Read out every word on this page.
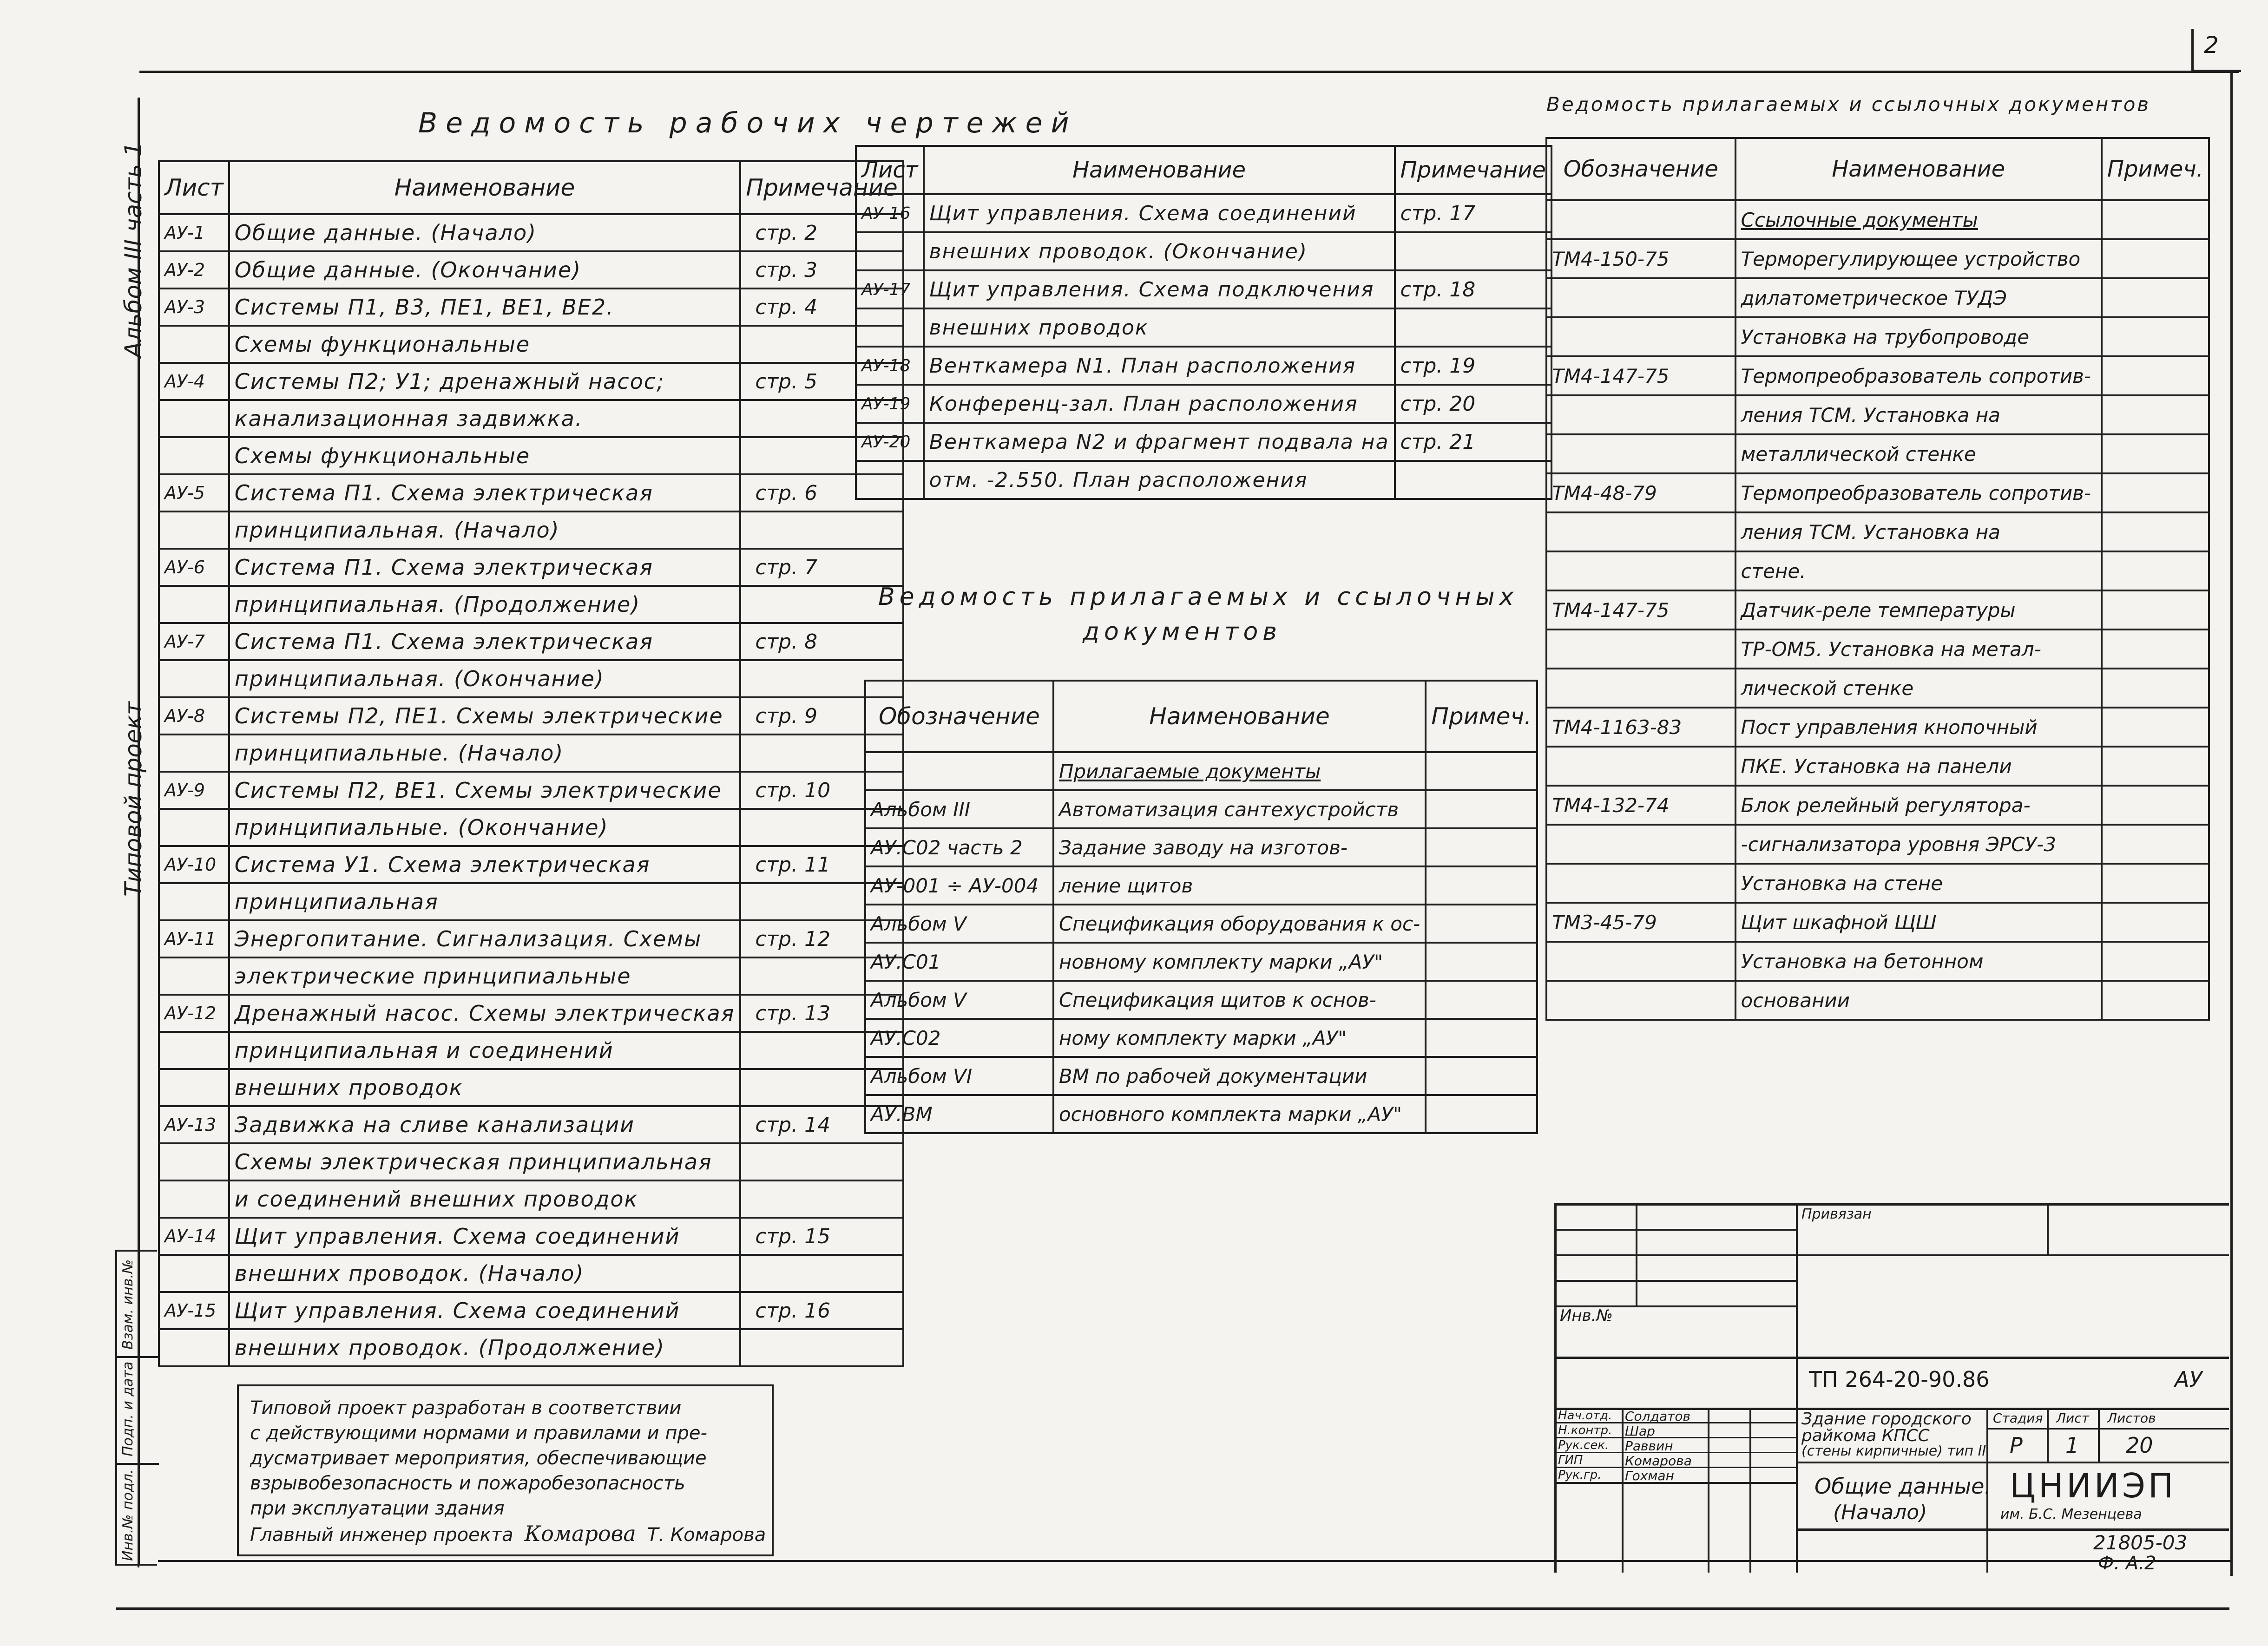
2
Альбом III часть 1
Типовой проект
Инв.№ подл.
Подп. и дата
Взам. инв.№
Ведомость рабочих чертежей
Ведомость прилагаемых и ссылочных документов
Ведомость прилагаемых и ссылочных
документов
Лист	Наименование	Примечание
АУ-1	Общие данные. (Начало)	стр. 2
АУ-2	Общие данные. (Окончание)	стр. 3
АУ-3	Системы П1, В3, ПЕ1, ВЕ1, ВЕ2.	стр. 4
	Схемы функциональные	
АУ-4	Системы П2; У1; дренажный насос;	стр. 5
	канализационная задвижка.	
	Схемы функциональные	
АУ-5	Система П1. Схема электрическая	стр. 6
	принципиальная. (Начало)	
АУ-6	Система П1. Схема электрическая	стр. 7
	принципиальная. (Продолжение)	
АУ-7	Система П1. Схема электрическая	стр. 8
	принципиальная. (Окончание)	
АУ-8	Системы П2, ПЕ1. Схемы электрические	стр. 9
	принципиальные. (Начало)	
АУ-9	Системы П2, ВЕ1. Схемы электрические	стр. 10
	принципиальные. (Окончание)	
АУ-10	Система У1. Схема электрическая	стр. 11
	принципиальная	
АУ-11	Энергопитание. Сигнализация. Схемы	стр. 12
	электрические принципиальные	
АУ-12	Дренажный насос. Схемы электрическая	стр. 13
	принципиальная и соединений	
	внешних проводок	
АУ-13	Задвижка на сливе канализации	стр. 14
	Схемы электрическая принципиальная	
	и соединений внешних проводок	
АУ-14	Щит управления. Схема соединений	стр. 15
	внешних проводок. (Начало)	
АУ-15	Щит управления. Схема соединений	стр. 16
	внешних проводок. (Продолжение)	
Лист	Наименование	Примечание
АУ-16	Щит управления. Схема соединений	стр. 17
	внешних проводок. (Окончание)	
АУ-17	Щит управления. Схема подключения	стр. 18
	внешних проводок	
АУ-18	Венткамера N1. План расположения	стр. 19
АУ-19	Конференц-зал. План расположения	стр. 20
АУ-20	Венткамера N2 и фрагмент подвала на	стр. 21
	отм. -2.550. План расположения	
Обозначение	Наименование	Примеч.
	Прилагаемые документы	
Альбом III	Автоматизация сантехустройств	
АУ.С02 часть 2	Задание заводу на изготов-	
АУ-001 ÷ АУ-004	ление щитов	
Альбом V	Спецификация оборудования к ос-	
АУ.С01	новному комплекту марки „АУ"	
Альбом V	Спецификация щитов к основ-	
АУ.С02	ному комплекту марки „АУ"	
Альбом VI	ВМ по рабочей документации	
АУ.ВМ	основного комплекта марки „АУ"	
Обозначение	Наименование	Примеч.
	Ссылочные документы	
ТМ4-150-75	Терморегулирующее устройство	
	дилатометрическое ТУДЭ	
	Установка на трубопроводе	
ТМ4-147-75	Термопреобразователь сопротив-	
	ления ТСМ. Установка на	
	металлической стенке	
ТМ4-48-79	Термопреобразователь сопротив-	
	ления ТСМ. Установка на	
	стене.	
ТМ4-147-75	Датчик-реле температуры	
	ТР-ОМ5. Установка на метал-	
	лической стенке	
ТМ4-1163-83	Пост управления кнопочный	
	ПКЕ. Установка на панели	
ТМ4-132-74	Блок релейный регулятора-	
	-сигнализатора уровня ЭРСУ-3	
	Установка на стене	
ТМ3-45-79	Щит шкафной ЩШ	
	Установка на бетонном	
	основании	
Типовой проект разработан в соответствии
с действующими нормами и правилами и пре-
дусматривает мероприятия, обеспечивающие
взрывобезопасность и пожаробезопасность
при эксплуатации здания
Главный инженер проекта Комарова Т. Комарова
Привязан
Инв.№
ТП 264-20-90.86	АУ
Нач.отд.
Н.контр.
Рук.сек.
ГИП
Рук.гр.
Солдатов
Шар
Раввин
Комарова
Гохман
Здание городского
райкома КПСС
(стены кирпичные) тип II
Стадия Лист Листов
Р 1 20
Общие данные.
(Начало)
ЦНИИЭП
им. Б.С. Мезенцева
21805-03
Ф. А.2
